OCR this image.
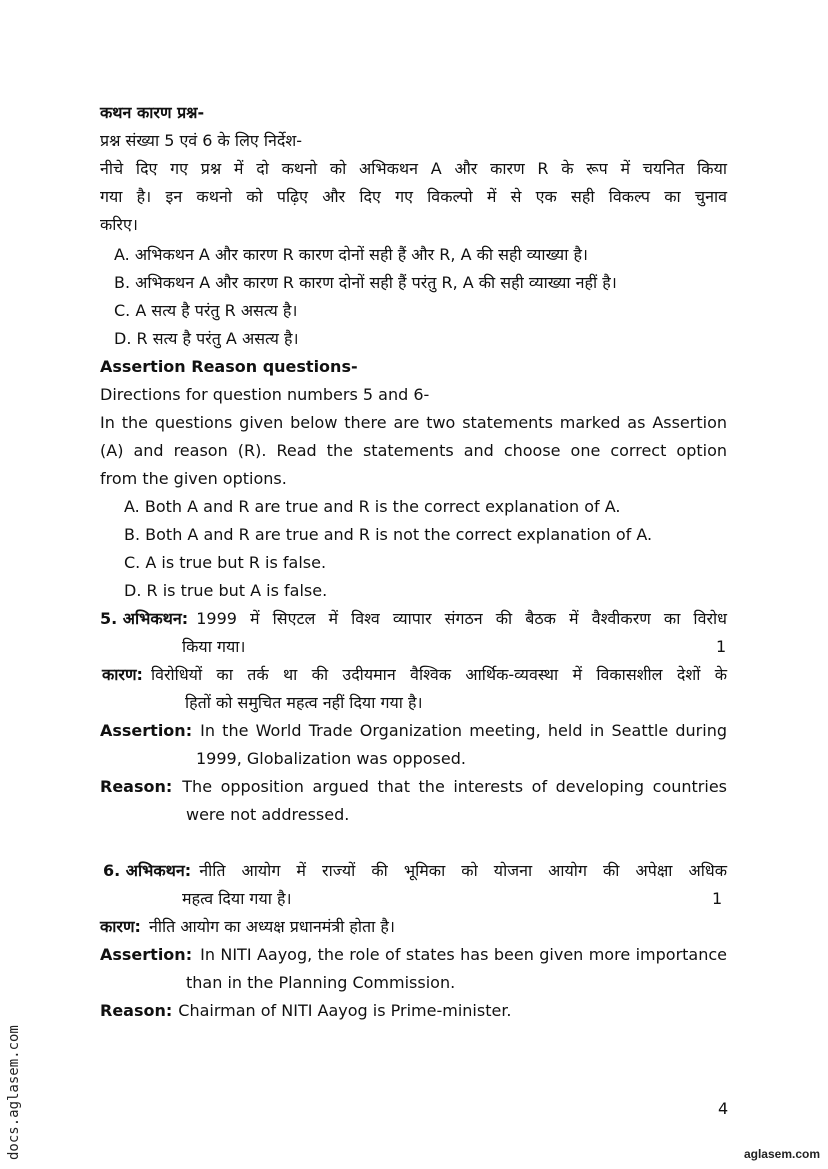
कथन कारण प्रश्न-
प्रश्न संख्या 5 एवं 6 के लिए निर्देश-
नीचे दिए गए प्रश्न में दो कथनो को अभिकथन A और कारण R के रूप में चयनित किया
गया है। इन कथनो को पढ़िए और दिए गए विकल्पो में से एक सही विकल्प का चुनाव
करिए।
A. अभिकथन A और कारण R कारण दोनों सही हैं और R, A की सही व्याख्या है।
B. अभिकथन A और कारण R कारण दोनों सही हैं परंतु R, A की सही व्याख्या नहीं है।
C. A सत्य है परंतु R असत्य है।
D. R सत्य है परंतु A असत्य है।
Assertion Reason questions-
Directions for question numbers 5 and 6-
In the questions given below there are two statements marked as Assertion
(A) and reason (R). Read the statements and choose one correct option
from the given options.
A. Both A and R are true and R is the correct explanation of A.
B. Both A and R are true and R is not the correct explanation of A.
C. A is true but R is false.
D. R is true but A is false.
5. अभिकथन: 1999 में सिएटल में विश्व व्यापार संगठन की बैठक में वैश्वीकरण का विरोध
किया गया।	1
कारण: विरोधियों का तर्क था की उदीयमान वैश्विक आर्थिक-व्यवस्था में विकासशील देशों के
हितों को समुचित महत्व नहीं दिया गया है।
Assertion: In the World Trade Organization meeting, held in Seattle during
1999, Globalization was opposed.
Reason: The opposition argued that the interests of developing countries
were not addressed.
6. अभिकथन: नीति आयोग में राज्यों की भूमिका को योजना आयोग की अपेक्षा अधिक
महत्व दिया गया है।	1
कारण: नीति आयोग का अध्यक्ष प्रधानमंत्री होता है।
Assertion: In NITI Aayog, the role of states has been given more importance
than in the Planning Commission.
Reason: Chairman of NITI Aayog is Prime-minister.
4
docs.aglasem.com	aglasem.com
